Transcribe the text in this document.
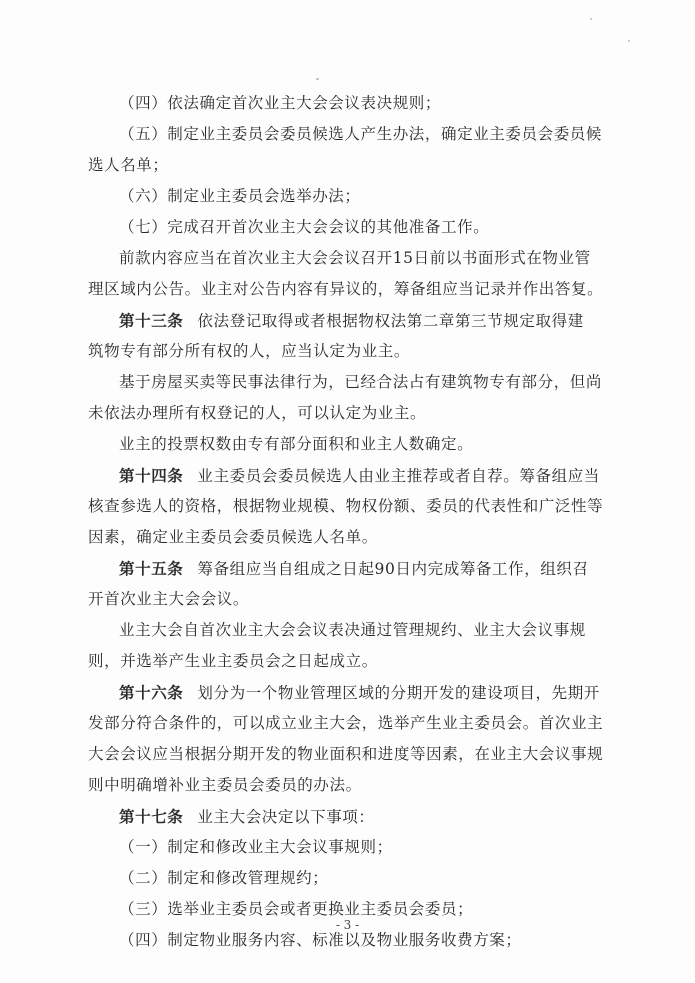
（四）依法确定首次业主大会会议表决规则；
（五）制定业主委员会委员候选人产生办法，确定业主委员会委员候
选人名单；
（六）制定业主委员会选举办法；
（七）完成召开首次业主大会会议的其他准备工作。
前款内容应当在首次业主大会会议召开15日前以书面形式在物业管
理区域内公告。业主对公告内容有异议的，筹备组应当记录并作出答复。
第十三条 依法登记取得或者根据物权法第二章第三节规定取得建
筑物专有部分所有权的人，应当认定为业主。
基于房屋买卖等民事法律行为，已经合法占有建筑物专有部分，但尚
未依法办理所有权登记的人，可以认定为业主。
业主的投票权数由专有部分面积和业主人数确定。
第十四条 业主委员会委员候选人由业主推荐或者自荐。筹备组应当
核查参选人的资格，根据物业规模、物权份额、委员的代表性和广泛性等
因素，确定业主委员会委员候选人名单。
第十五条 筹备组应当自组成之日起90日内完成筹备工作，组织召
开首次业主大会会议。
业主大会自首次业主大会会议表决通过管理规约、业主大会议事规
则，并选举产生业主委员会之日起成立。
第十六条 划分为一个物业管理区域的分期开发的建设项目，先期开
发部分符合条件的，可以成立业主大会，选举产生业主委员会。首次业主
大会会议应当根据分期开发的物业面积和进度等因素，在业主大会议事规
则中明确增补业主委员会委员的办法。
第十七条 业主大会决定以下事项：
（一）制定和修改业主大会议事规则；
（二）制定和修改管理规约；
（三）选举业主委员会或者更换业主委员会委员；
（四）制定物业服务内容、标准以及物业服务收费方案；
- 3 -
